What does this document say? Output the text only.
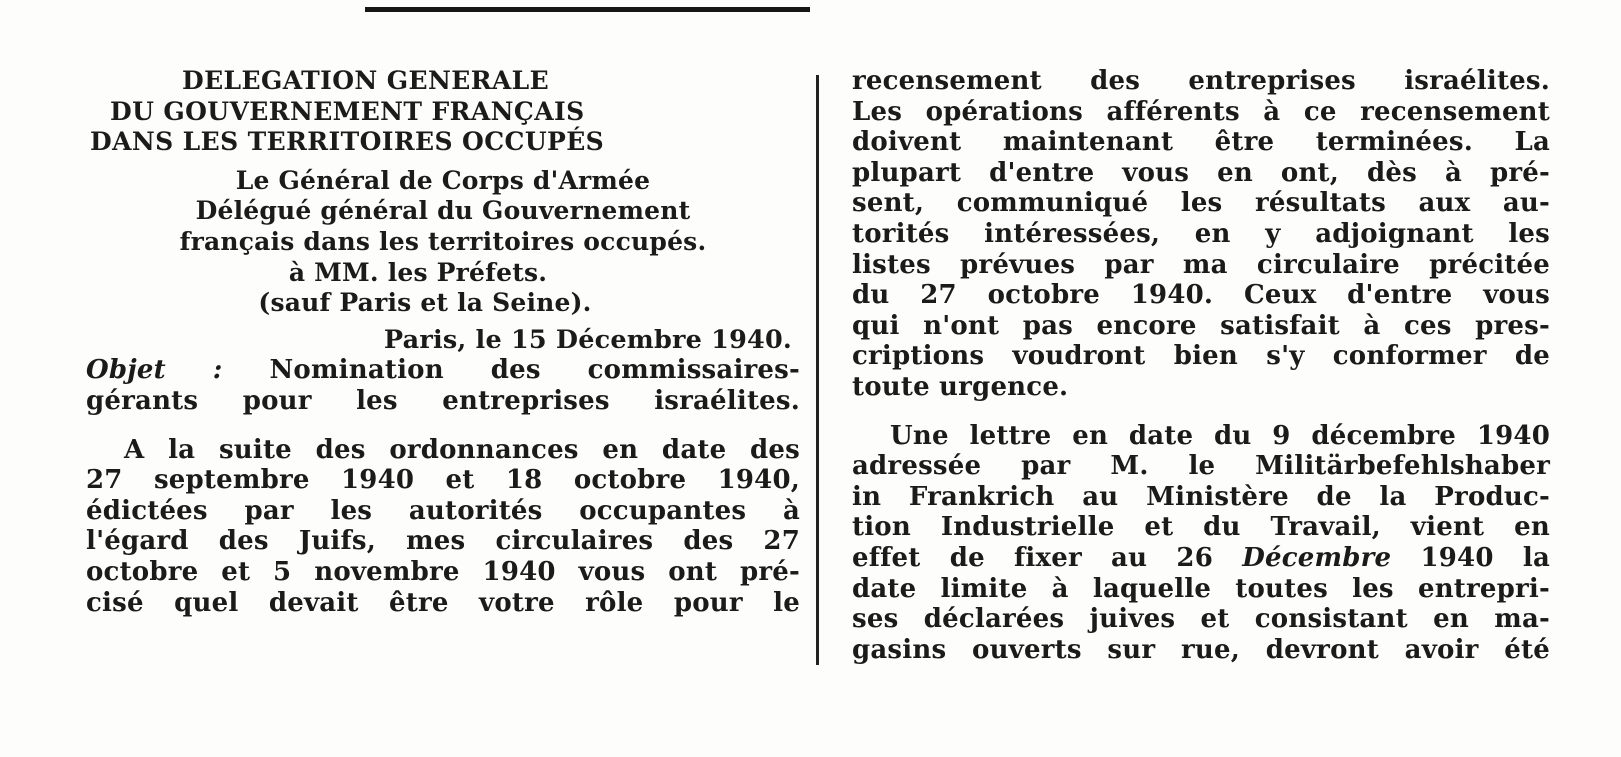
DELEGATION GENERALE
DU GOUVERNEMENT FRANÇAIS
DANS LES TERRITOIRES OCCUPÉS
Le Général de Corps d'Armée
Délégué général du Gouvernement
français dans les territoires occupés.
à MM. les Préfets.
(sauf Paris et la Seine).
Paris, le 15 Décembre 1940.
Objet : Nomination des commissaires-
gérants pour les entreprises israélites.
A la suite des ordonnances en date des
27 septembre 1940 et 18 octobre 1940,
édictées par les autorités occupantes à
l'égard des Juifs, mes circulaires des 27
octobre et 5 novembre 1940 vous ont pré-
cisé quel devait être votre rôle pour le
recensement des entreprises israélites.
Les opérations afférents à ce recensement
doivent maintenant être terminées. La
plupart d'entre vous en ont, dès à pré-
sent, communiqué les résultats aux au-
torités intéressées, en y adjoignant les
listes prévues par ma circulaire précitée
du 27 octobre 1940. Ceux d'entre vous
qui n'ont pas encore satisfait à ces pres-
criptions voudront bien s'y conformer de
toute urgence.
Une lettre en date du 9 décembre 1940
adressée par M. le Militärbefehlshaber
in Frankrich au Ministère de la Produc-
tion Industrielle et du Travail, vient en
effet de fixer au 26 Décembre 1940 la
date limite à laquelle toutes les entrepri-
ses déclarées juives et consistant en ma-
gasins ouverts sur rue, devront avoir été
